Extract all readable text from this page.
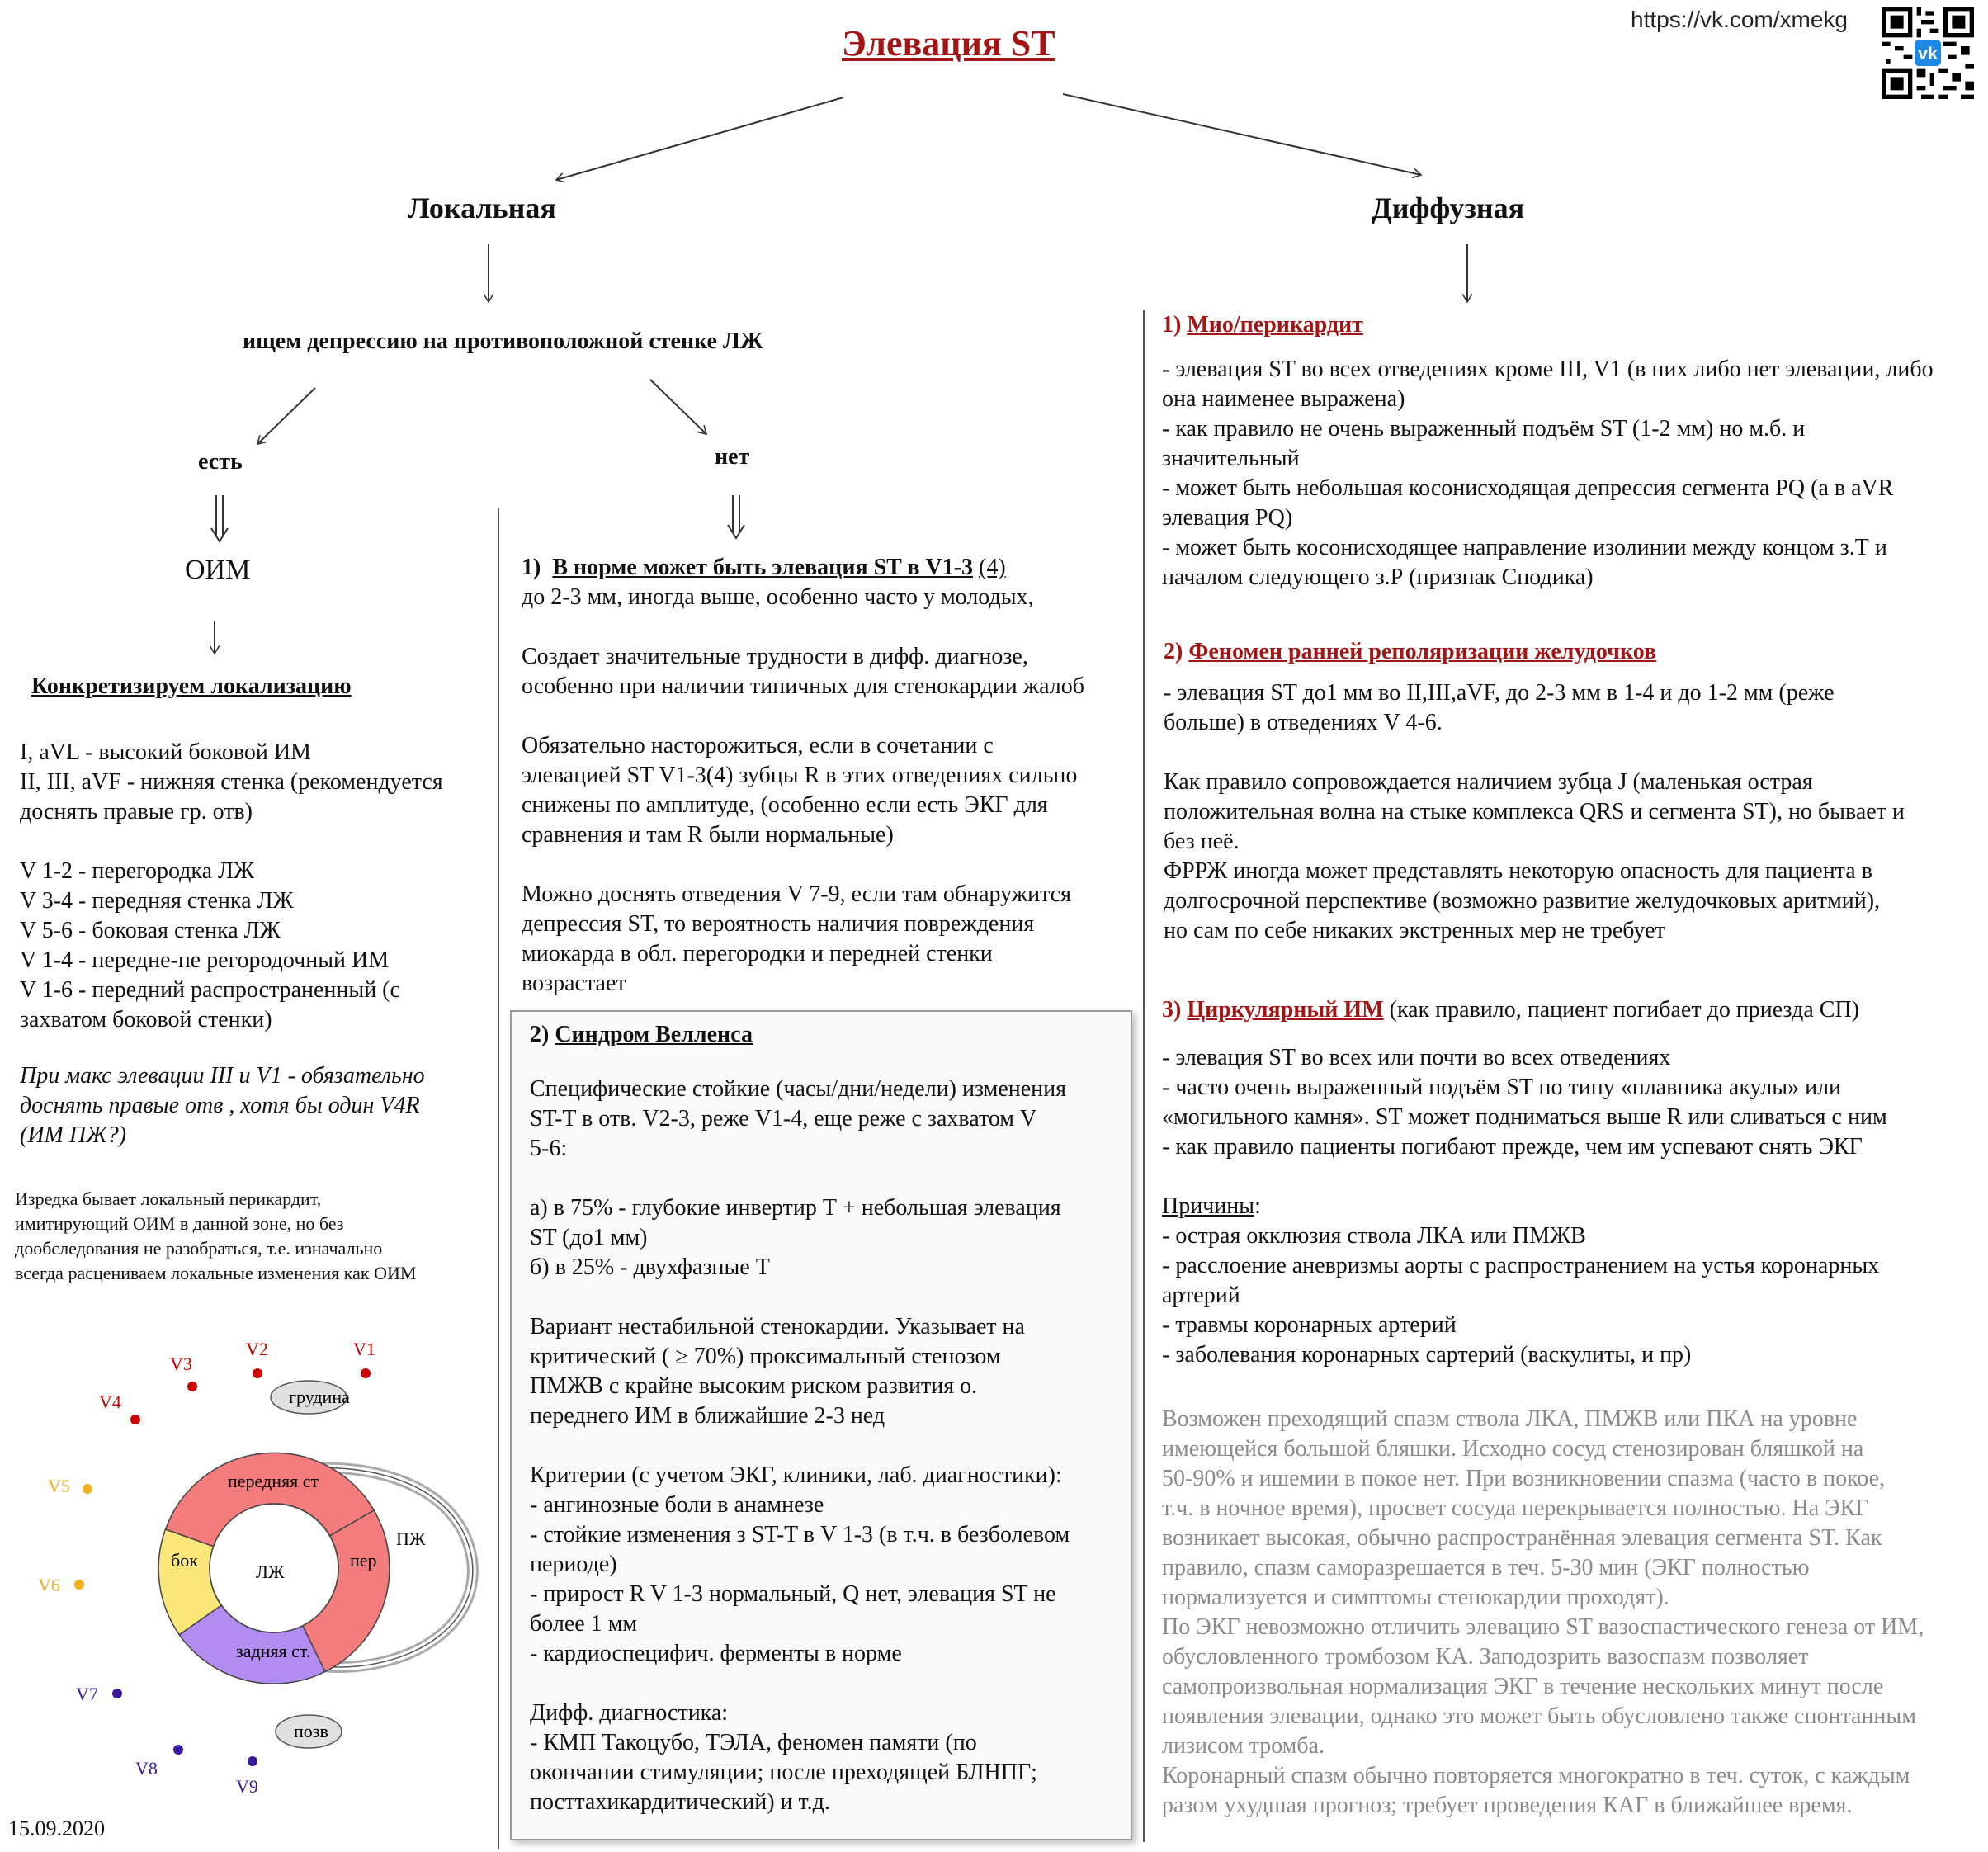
Элевация ST
https://vk.com/xmekg
vk
Локальная	Диффузная
ищем депрессию на противоположной стенке ЛЖ
есть	нет
ОИМ
Конкретизируем локализацию
I, aVL - высокий боковой ИМ
II, III, aVF - нижняя стенка (рекомендуется
доснять правые гр. отв)
V 1-2 - перегородка ЛЖ
V 3-4 - передняя стенка ЛЖ
V 5-6 - боковая стенка ЛЖ
V 1-4 - передне-пе регородочный ИМ
V 1-6 - передний распространенный (с
захватом боковой стенки)
При макс элевации III и V1 - обязательно
доснять правые отв , хотя бы один V4R
(ИМ ПЖ?)
Изредка бывает локальный перикардит,
имитирующий ОИМ в данной зоне, но без
дообследования не разобраться, т.е. изначально
всегда расцениваем локальные изменения как ОИМ
ЛЖ
ПЖ
передняя ст
бок	пер
задняя ст.
грудина
позв
V1
V2
V3
V4
V5
V6
V7
V8
V9
15.09.2020
1) В норме может быть элевация ST в V1-3 (4)
до 2-3 мм, иногда выше, особенно часто у молодых,
Создает значительные трудности в дифф. диагнозе,
особенно при наличии типичных для стенокардии жалоб
Обязательно насторожиться, если в сочетании с
элевацией ST V1-3(4) зубцы R в этих отведениях сильно
снижены по амплитуде, (особенно если есть ЭКГ для
сравнения и там R были нормальные)
Можно доснять отведения V 7-9, если там обнаружится
депрессия ST, то вероятность наличия повреждения
миокарда в обл. перегородки и передней стенки
возрастает
2) Синдром Велленса
Специфические стойкие (часы/дни/недели) изменения
ST-T в отв. V2-3, реже V1-4, еще реже с захватом V
5-6:
а) в 75% - глубокие инвертир Т + небольшая элевация
ST (до1 мм)
б) в 25% - двухфазные Т
Вариант нестабильной стенокардии. Указывает на
критический ( ≥ 70%) проксимальный стенозом
ПМЖВ с крайне высоким риском развития о.
переднего ИМ в ближайшие 2-3 нед
Критерии (с учетом ЭКГ, клиники, лаб. диагностики):
- ангинозные боли в анамнезе
- стойкие изменения з ST-T в V 1-3 (в т.ч. в безболевом
периоде)
- прирост R V 1-3 нормальный, Q нет, элевация ST не
более 1 мм
- кардиоспецифич. ферменты в норме
Дифф. диагностика:
- КМП Такоцубо, ТЭЛА, феномен памяти (по
окончании стимуляции; после преходящей БЛНПГ;
посттахикардитический) и т.д.
1) Мио/перикардит
- элевация ST во всех отведениях кроме III, V1 (в них либо нет элевации, либо
она наименее выражена)
- как правило не очень выраженный подъём ST (1-2 мм) но м.б. и
значительный
- может быть небольшая косонисходящая депрессия сегмента PQ (а в aVR
элевация PQ)
- может быть косонисходящее направление изолинии между концом з.Т и
началом следующего з.Р (признак Сподика)
2) Феномен ранней реполяризации желудочков
- элевация ST до1 мм во II,III,aVF, до 2-3 мм в 1-4 и до 1-2 мм (реже
больше) в отведениях V 4-6.
Как правило сопровождается наличием зубца J (маленькая острая
положительная волна на стыке комплекса QRS и сегмента ST), но бывает и
без неё.
ФРРЖ иногда может представлять некоторую опасность для пациента в
долгосрочной перспективе (возможно развитие желудочковых аритмий),
но сам по себе никаких экстренных мер не требует
3) Циркулярный ИМ (как правило, пациент погибает до приезда СП)
- элевация ST во всех или почти во всех отведениях
- часто очень выраженный подъём ST по типу «плавника акулы» или
«могильного камня». ST может подниматься выше R или сливаться с ним
- как правило пациенты погибают прежде, чем им успевают снять ЭКГ
Причины:
- острая окклюзия ствола ЛКА или ПМЖВ
- расслоение аневризмы аорты с распространением на устья коронарных
артерий
- травмы коронарных артерий
- заболевания коронарных сартерий (васкулиты, и пр)
Возможен преходящий спазм ствола ЛКА, ПМЖВ или ПКА на уровне
имеющейся большой бляшки. Исходно сосуд стенозирован бляшкой на
50-90% и ишемии в покое нет. При возникновении спазма (часто в покое,
т.ч. в ночное время), просвет сосуда перекрывается полностью. На ЭКГ
возникает высокая, обычно распространённая элевация сегмента ST. Как
правило, спазм саморазрешается в теч. 5-30 мин (ЭКГ полностью
нормализуется и симптомы стенокардии проходят).
По ЭКГ невозможно отличить элевацию ST вазоспастического генеза от ИМ,
обусловленного тромбозом КА. Заподозрить вазоспазм позволяет
самопроизвольная нормализация ЭКГ в течение нескольких минут после
появления элевации, однако это может быть обусловлено также спонтанным
лизисом тромба.
Коронарный спазм обычно повторяется многократно в теч. суток, с каждым
разом ухудшая прогноз; требует проведения КАГ в ближайшее время.
